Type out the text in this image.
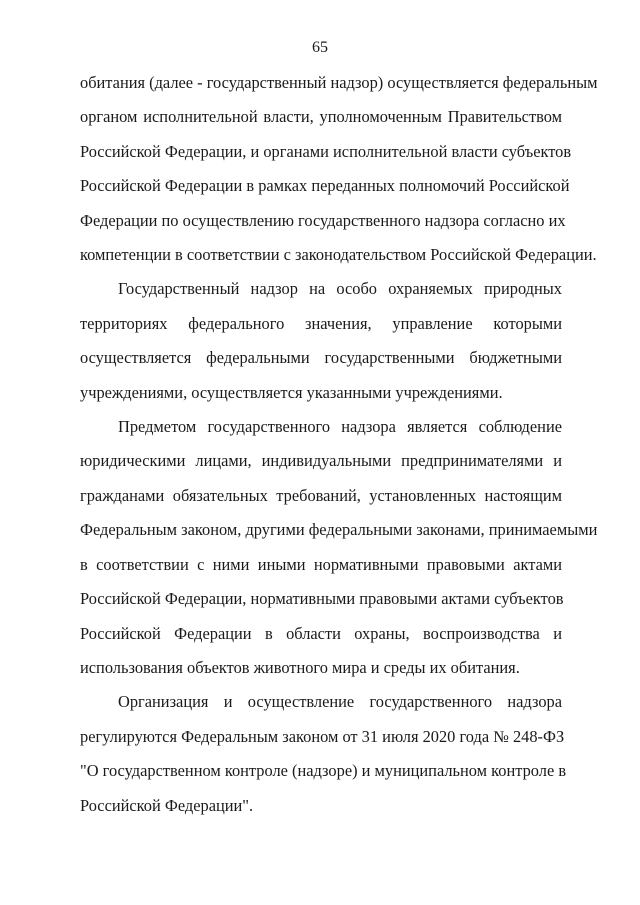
65
обитания (далее - государственный надзор) осуществляется федеральным
органом исполнительной власти, уполномоченным Правительством
Российской Федерации, и органами исполнительной власти субъектов
Российской Федерации в рамках переданных полномочий Российской
Федерации по осуществлению государственного надзора согласно их
компетенции в соответствии с законодательством Российской Федерации.
Государственный надзор на особо охраняемых природных
территориях федерального значения, управление которыми
осуществляется федеральными государственными бюджетными
учреждениями, осуществляется указанными учреждениями.
Предметом государственного надзора является соблюдение
юридическими лицами, индивидуальными предпринимателями и
гражданами обязательных требований, установленных настоящим
Федеральным законом, другими федеральными законами, принимаемыми
в соответствии с ними иными нормативными правовыми актами
Российской Федерации, нормативными правовыми актами субъектов
Российской Федерации в области охраны, воспроизводства и
использования объектов животного мира и среды их обитания.
Организация и осуществление государственного надзора
регулируются Федеральным законом от 31 июля 2020 года № 248-ФЗ
"О государственном контроле (надзоре) и муниципальном контроле в
Российской Федерации".
